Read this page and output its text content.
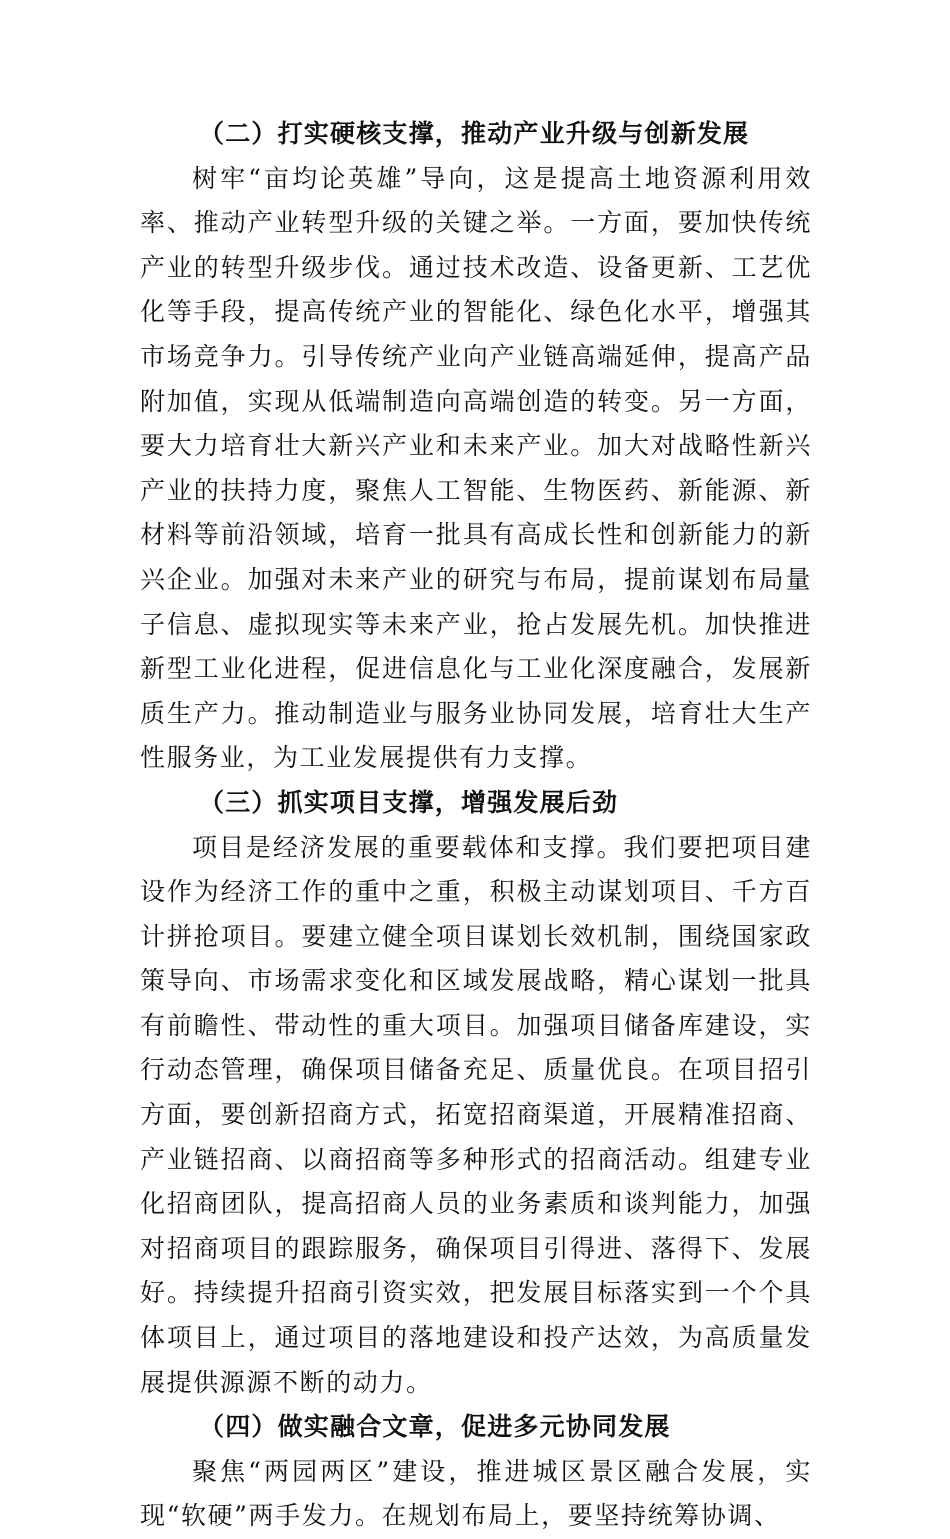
（二）打实硬核支撑，推动产业升级与创新发展

树牢“亩均论英雄”导向，这是提高土地资源利用效率、推动产业转型升级的关键之举。一方面，要加快传统产业的转型升级步伐。通过技术改造、设备更新、工艺优化等手段，提高传统产业的智能化、绿色化水平，增强其市场竞争力。引导传统产业向产业链高端延伸，提高产品附加值，实现从低端制造向高端创造的转变。另一方面，要大力培育壮大新兴产业和未来产业。加大对战略性新兴产业的扶持力度，聚焦人工智能、生物医药、新能源、新材料等前沿领域，培育一批具有高成长性和创新能力的新兴企业。加强对未来产业的研究与布局，提前谋划布局量子信息、虚拟现实等未来产业，抢占发展先机。加快推进新型工业化进程，促进信息化与工业化深度融合，发展新质生产力。推动制造业与服务业协同发展，培育壮大生产性服务业，为工业发展提供有力支撑。

（三）抓实项目支撑，增强发展后劲

项目是经济发展的重要载体和支撑。我们要把项目建设作为经济工作的重中之重，积极主动谋划项目、千方百计拼抢项目。要建立健全项目谋划长效机制，围绕国家政策导向、市场需求变化和区域发展战略，精心谋划一批具有前瞻性、带动性的重大项目。加强项目储备库建设，实行动态管理，确保项目储备充足、质量优良。在项目招引方面，要创新招商方式，拓宽招商渠道，开展精准招商、产业链招商、以商招商等多种形式的招商活动。组建专业化招商团队，提高招商人员的业务素质和谈判能力，加强对招商项目的跟踪服务，确保项目引得进、落得下、发展好。持续提升招商引资实效，把发展目标落实到一个个具体项目上，通过项目的落地建设和投产达效，为高质量发展提供源源不断的动力。

（四）做实融合文章，促进多元协同发展

聚焦“两园两区”建设，推进城区景区融合发展，实现“软硬”两手发力。在规划布局上，要坚持统筹协调、
